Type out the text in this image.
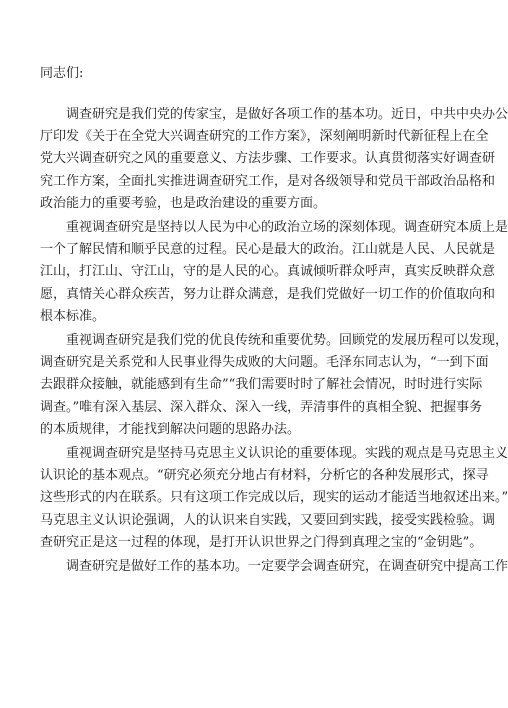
同志们:

调查研究是我们党的传家宝，是做好各项工作的基本功。近日，中共中央办公
厅印发《关于在全党大兴调查研究的工作方案》，深刻阐明新时代新征程上在全
党大兴调查研究之风的重要意义、方法步骤、工作要求。认真贯彻落实好调查研
究工作方案，全面扎实推进调查研究工作，是对各级领导和党员干部政治品格和
政治能力的重要考验，也是政治建设的重要方面。

重视调查研究是坚持以人民为中心的政治立场的深刻体现。调查研究本质上是
一个了解民情和顺乎民意的过程。民心是最大的政治。江山就是人民、人民就是
江山，打江山、守江山，守的是人民的心。真诚倾听群众呼声，真实反映群众意
愿，真情关心群众疾苦，努力让群众满意，是我们党做好一切工作的价值取向和
根本标准。

重视调查研究是我们党的优良传统和重要优势。回顾党的发展历程可以发现，
调查研究是关系党和人民事业得失成败的大问题。毛泽东同志认为，“一到下面
去跟群众接触，就能感到有生命”“我们需要时时了解社会情况，时时进行实际
调查。”唯有深入基层、深入群众、深入一线，弄清事件的真相全貌、把握事务
的本质规律，才能找到解决问题的思路办法。

重视调查研究是坚持马克思主义认识论的重要体现。实践的观点是马克思主义
认识论的基本观点。“研究必须充分地占有材料，分析它的各种发展形式，探寻
这些形式的内在联系。只有这项工作完成以后，现实的运动才能适当地叙述出来。”
马克思主义认识论强调，人的认识来自实践，又要回到实践，接受实践检验。调
查研究正是这一过程的体现，是打开认识世界之门得到真理之宝的“金钥匙”。

调查研究是做好工作的基本功。一定要学会调查研究，在调查研究中提高工作
